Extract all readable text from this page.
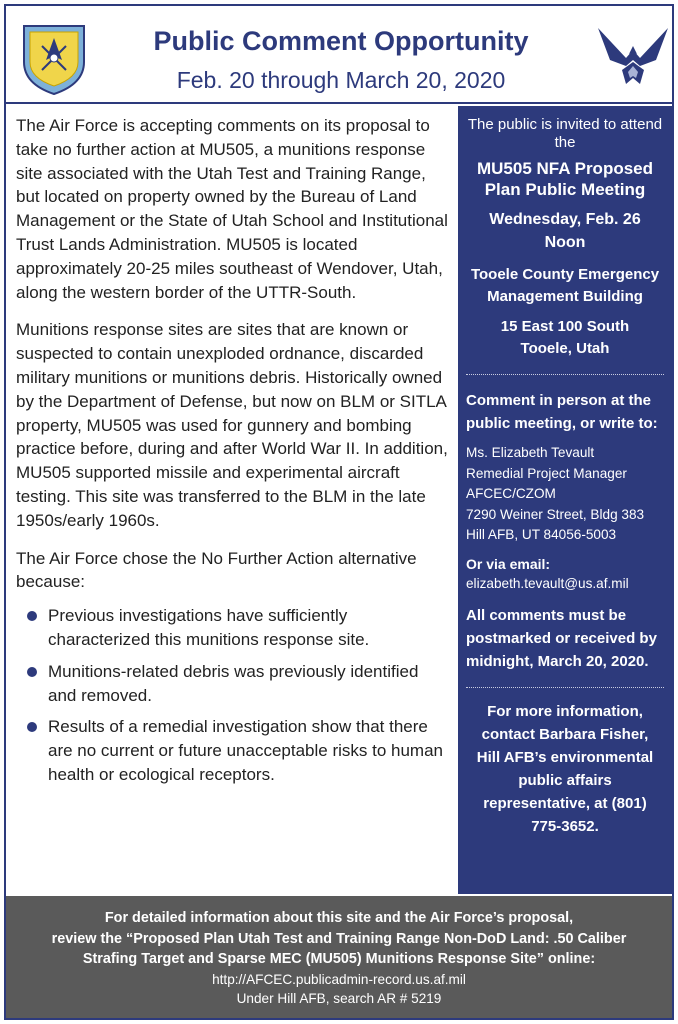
Public Comment Opportunity
Feb. 20 through March 20, 2020

The Air Force is accepting comments on its proposal to take no further action at MU505, a munitions response site associated with the Utah Test and Training Range, but located on property owned by the Bureau of Land Management or the State of Utah School and Institutional Trust Lands Administration. MU505 is located approximately 20-25 miles southeast of Wendover, Utah, along the western border of the UTTR-South.

Munitions response sites are sites that are known or suspected to contain unexploded ordnance, discarded military munitions or munitions debris. Historically owned by the Department of Defense, but now on BLM or SITLA property, MU505 was used for gunnery and bombing practice before, during and after World War II. In addition, MU505 supported missile and experimental aircraft testing. This site was transferred to the BLM in the late 1950s/early 1960s.

The Air Force chose the No Further Action alternative because:

Previous investigations have sufficiently characterized this munitions response site.
Munitions-related debris was previously identified and removed.
Results of a remedial investigation show that there are no current or future unacceptable risks to human health or ecological receptors.
The public is invited to attend the
MU505 NFA Proposed Plan Public Meeting
Wednesday, Feb. 26
Noon
Tooele County Emergency Management Building
15 East 100 South
Tooele, Utah
Comment in person at the public meeting, or write to:
Ms. Elizabeth Tevault
Remedial Project Manager
AFCEC/CZOM
7290 Weiner Street, Bldg 383
Hill AFB, UT 84056-5003
Or via email:
elizabeth.tevault@us.af.mil
All comments must be postmarked or received by midnight, March 20, 2020.
For more information, contact Barbara Fisher, Hill AFB’s environmental public affairs representative, at (801) 775-3652.
For detailed information about this site and the Air Force’s proposal,
review the “Proposed Plan Utah Test and Training Range Non-DoD Land: .50 Caliber
Strafing Target and Sparse MEC (MU505) Munitions Response Site” online:
http://AFCEC.publicadmin-record.us.af.mil
Under Hill AFB, search AR # 5219
